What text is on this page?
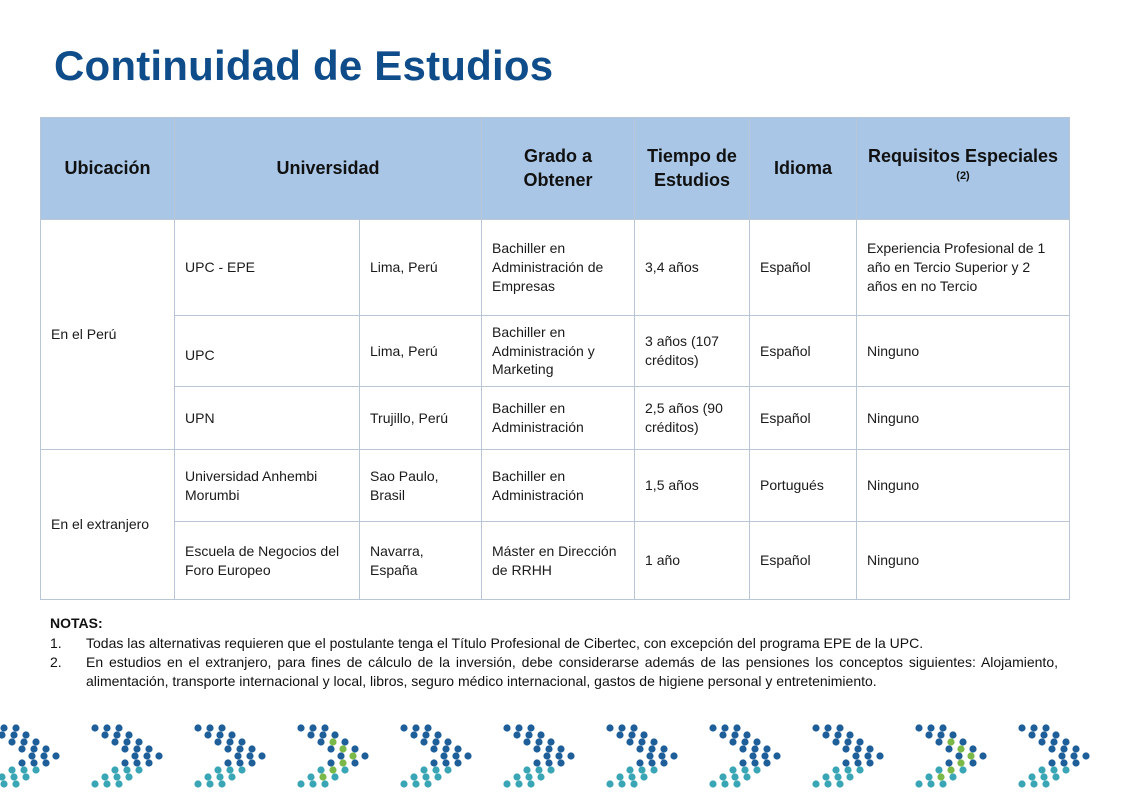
Continuidad de Estudios
Ubicación	Universidad		Grado a Obtener	Tiempo de Estudios	Idioma	Requisitos Especiales $^{(2)}$
En el Perú	UPC - EPE	Lima, Perú	Bachiller en Administración de Empresas	3,4 años	Español	Experiencia Profesional de 1 año en Tercio Superior y 2 años en no Tercio
	UPC	Lima, Perú	Bachiller en Administración y Marketing	3 años (107 créditos)	Español	Ninguno
	UPN	Trujillo, Perú	Bachiller en Administración	2,5 años (90 créditos)	Español	Ninguno
En el extranjero	Universidad Anhembi Morumbi	Sao Paulo, Brasil	Bachiller en Administración	1,5 años	Portugués	Ninguno
	Escuela de Negocios del Foro Europeo	Navarra, España	Máster en Dirección de RRHH	1 año	Español	Ninguno
NOTAS:
1.	Todas las alternativas requieren que el postulante tenga el Título Profesional de Cibertec, con excepción del programa EPE de la UPC.
2.	En estudios en el extranjero, para fines de cálculo de la inversión, debe considerarse además de las pensiones los conceptos siguientes: Alojamiento, alimentación, transporte internacional y local, libros, seguro médico internacional, gastos de higiene personal y entretenimiento.
